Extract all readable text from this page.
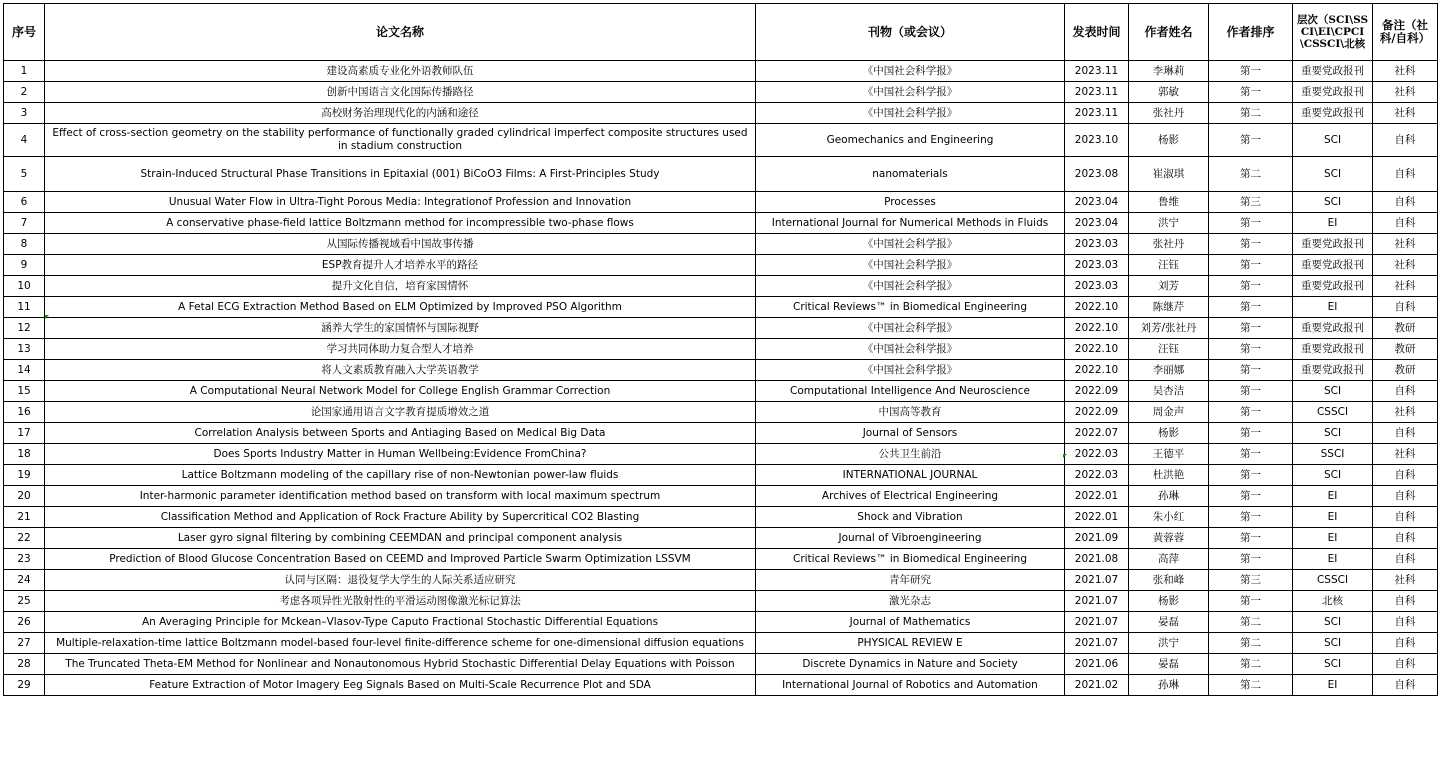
序号	论文名称	刊物（或会议）	发表时间	作者姓名	作者排序	层次（SCI\SSCI\EI\CPCI\CSSCI\北核	备注（社科/自科）
1	建设高素质专业化外语教师队伍	《中国社会科学报》	2023.11	李琳莉	第一	重要党政报刊	社科
2	创新中国语言文化国际传播路径	《中国社会科学报》	2023.11	郭敏	第一	重要党政报刊	社科
3	高校财务治理现代化的内涵和途径	《中国社会科学报》	2023.11	张社丹	第二	重要党政报刊	社科
4	Effect of cross-section geometry on the stability performance of functionally graded cylindrical imperfect composite structures used in stadium construction	Geomechanics and Engineering	2023.10	杨影	第一	SCI	自科
5	Strain-Induced Structural Phase Transitions in Epitaxial (001) BiCoO3 Films: A First-Principles Study	nanomaterials	2023.08	崔淑琪	第二	SCI	自科
6	Unusual Water Flow in Ultra-Tight Porous Media: Integrationof Profession and Innovation	Processes	2023.04	鲁维	第三	SCI	自科
7	A conservative phase-field lattice Boltzmann method for incompressible two-phase flows	International Journal for Numerical Methods in Fluids	2023.04	洪宁	第一	EI	自科
8	从国际传播视域看中国故事传播	《中国社会科学报》	2023.03	张社丹	第一	重要党政报刊	社科
9	ESP教育提升人才培养水平的路径	《中国社会科学报》	2023.03	汪钰	第一	重要党政报刊	社科
10	提升文化自信，培育家国情怀	《中国社会科学报》	2023.03	刘芳	第一	重要党政报刊	社科
11	A Fetal ECG Extraction Method Based on ELM Optimized by Improved PSO Algorithm	Critical Reviews™ in Biomedical Engineering	2022.10	陈继芹	第一	EI	自科
12	涵养大学生的家国情怀与国际视野	《中国社会科学报》	2022.10	刘芳/张社丹	第一	重要党政报刊	教研
13	学习共同体助力复合型人才培养	《中国社会科学报》	2022.10	汪钰	第一	重要党政报刊	教研
14	将人文素质教育融入大学英语教学	《中国社会科学报》	2022.10	李丽娜	第一	重要党政报刊	教研
15	A Computational Neural Network Model for College English Grammar Correction	Computational Intelligence And Neuroscience	2022.09	吴杏洁	第一	SCI	自科
16	论国家通用语言文字教育提质增效之道	中国高等教育	2022.09	周金声	第一	CSSCI	社科
17	Correlation Analysis between Sports and Antiaging Based on Medical Big Data	Journal of Sensors	2022.07	杨影	第一	SCI	自科
18	Does Sports Industry Matter in Human Wellbeing:Evidence FromChina?	公共卫生前沿	2022.03	王德平	第一	SSCI	社科
19	Lattice Boltzmann modeling of the capillary rise of non-Newtonian power-law fluids	INTERNATIONAL JOURNAL	2022.03	杜洪艳	第一	SCI	自科
20	Inter-harmonic parameter identification method based on transform with local maximum spectrum	Archives of Electrical Engineering	2022.01	孙琳	第一	EI	自科
21	Classification Method and Application of Rock Fracture Ability by Supercritical CO2 Blasting	Shock and Vibration	2022.01	朱小红	第一	EI	自科
22	Laser gyro signal filtering by combining CEEMDAN and principal component analysis	Journal of Vibroengineering	2021.09	黄蓉蓉	第一	EI	自科
23	Prediction of Blood Glucose Concentration Based on CEEMD and Improved Particle Swarm Optimization LSSVM	Critical Reviews™ in Biomedical Engineering	2021.08	高萍	第一	EI	自科
24	认同与区隔：退役复学大学生的人际关系适应研究	青年研究	2021.07	张和峰	第三	CSSCI	社科
25	考虑各项异性光散射性的平滑运动图像激光标记算法	激光杂志	2021.07	杨影	第一	北核	自科
26	An Averaging Principle for Mckean–Vlasov-Type Caputo Fractional Stochastic Differential Equations	Journal of Mathematics	2021.07	晏磊	第二	SCI	自科
27	Multiple-relaxation-time lattice Boltzmann model-based four-level finite-difference scheme for one-dimensional diffusion equations	PHYSICAL REVIEW E	2021.07	洪宁	第二	SCI	自科
28	The Truncated Theta-EM Method for Nonlinear and Nonautonomous Hybrid Stochastic Differential Delay Equations with Poisson	Discrete Dynamics in Nature and Society	2021.06	晏磊	第二	SCI	自科
29	Feature Extraction of Motor Imagery Eeg Signals Based on Multi-Scale Recurrence Plot and SDA	International Journal of Robotics and Automation	2021.02	孙琳	第二	EI	自科
